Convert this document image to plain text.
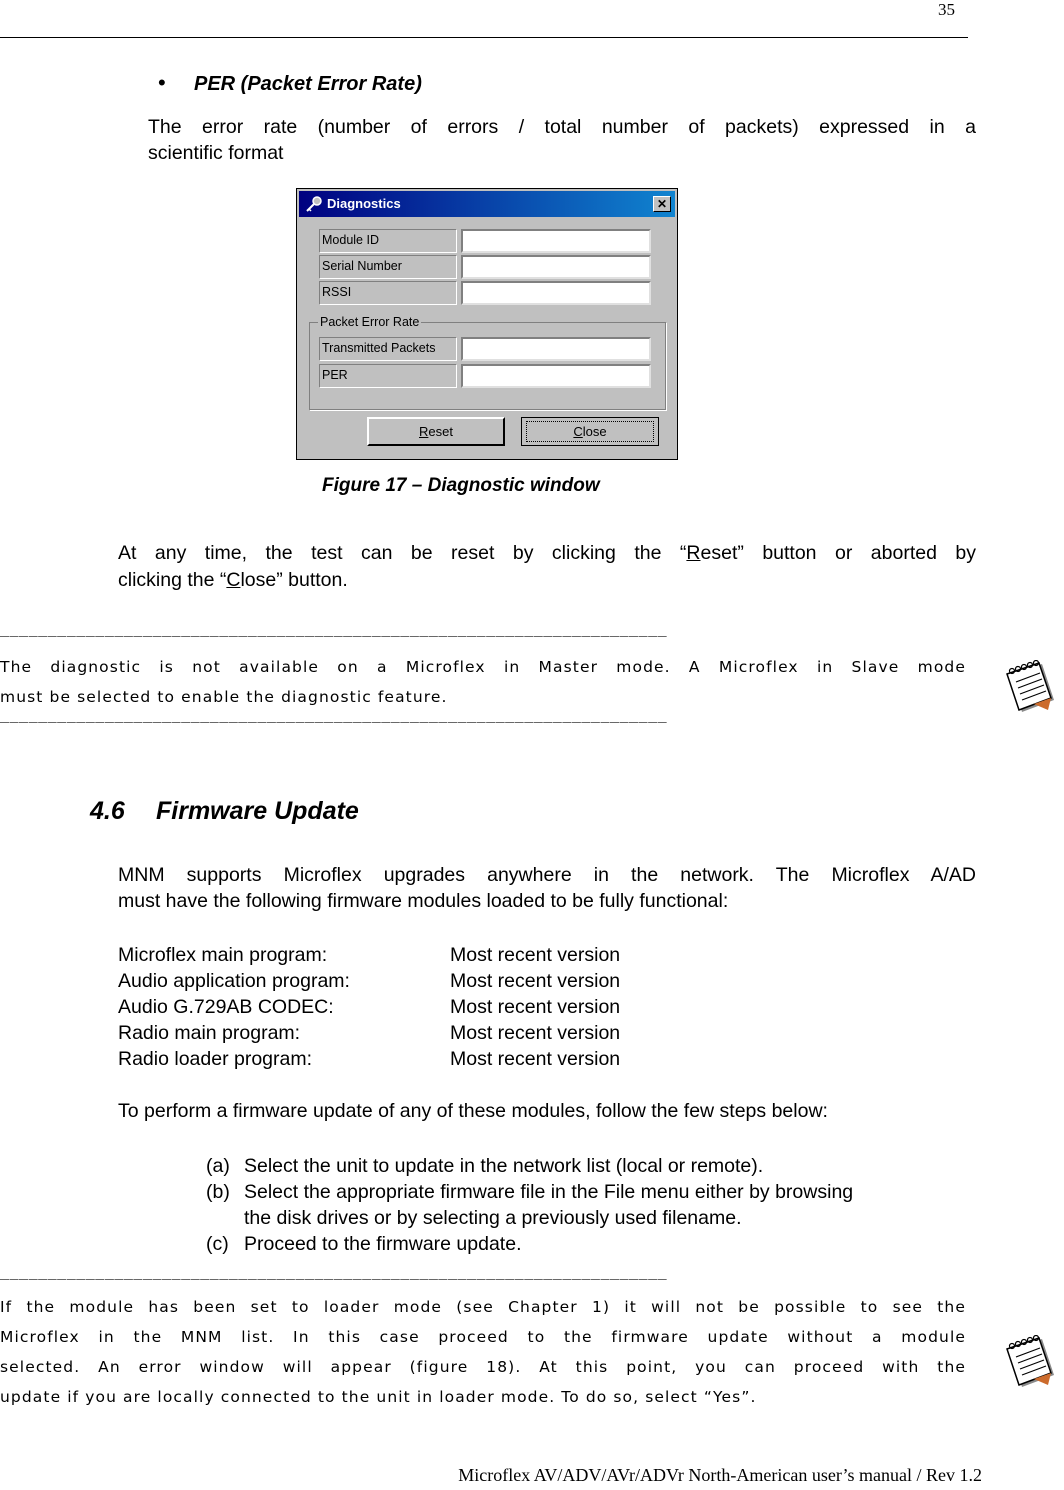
35
• PER (Packet Error Rate)
The error rate (number of errors / total number of packets) expressed in a
scientific format
Diagnostics	✕
Module ID
Serial Number
RSSI
Packet Error Rate
Transmitted Packets
PER
Reset	Close
Figure 17 – Diagnostic window
At any time, the test can be reset by clicking the “Reset” button or aborted by
clicking the “Close” button.
______________________________________________________________________
The diagnostic is not available on a Microflex in Master mode. A Microflex in Slave mode
must be selected to enable the diagnostic feature.
______________________________________________________________________
4.6 Firmware Update
MNM supports Microflex upgrades anywhere in the network. The Microflex A/AD
must have the following firmware modules loaded to be fully functional:
Microflex main program:	Most recent version
Audio application program:	Most recent version
Audio G.729AB CODEC:	Most recent version
Radio main program:	Most recent version
Radio loader program:	Most recent version
To perform a firmware update of any of these modules, follow the few steps below:
(a) Select the unit to update in the network list (local or remote).
(b) Select the appropriate firmware file in the File menu either by browsing
the disk drives or by selecting a previously used filename.
(c) Proceed to the firmware update.
______________________________________________________________________
If the module has been set to loader mode (see Chapter 1) it will not be possible to see the
Microflex in the MNM list. In this case proceed to the firmware update without a module
selected. An error window will appear (figure 18). At this point, you can proceed with the
update if you are locally connected to the unit in loader mode. To do so, select “Yes”.
Microflex AV/ADV/AVr/ADVr North-American user’s manual / Rev 1.2
